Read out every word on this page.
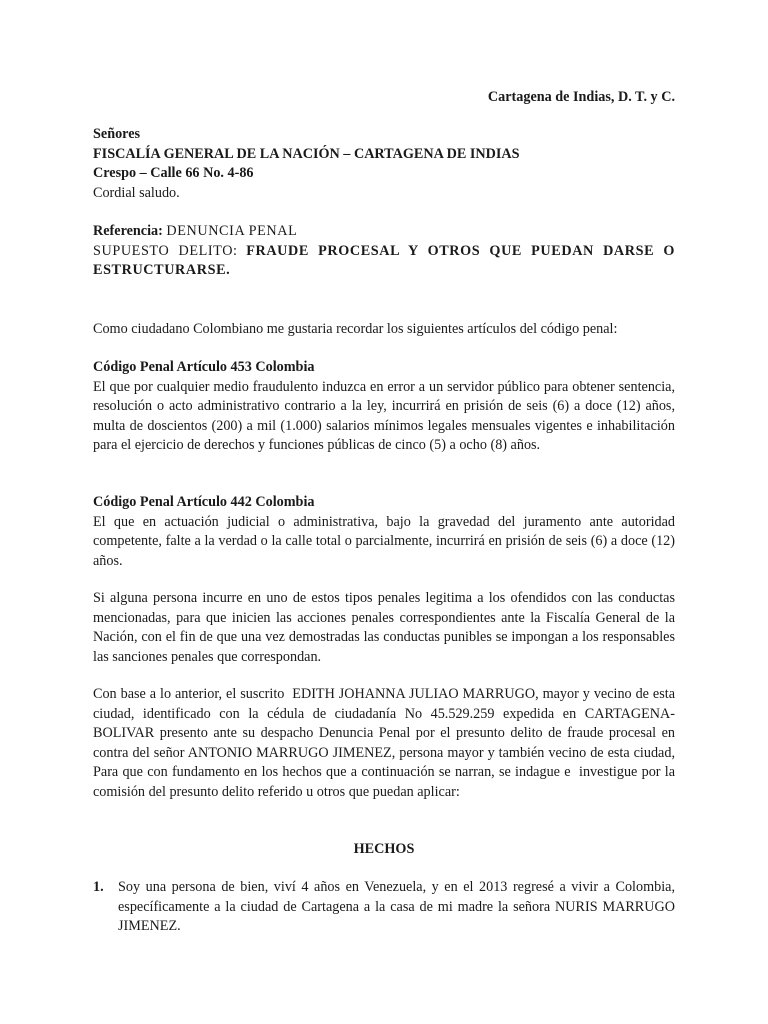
Cartagena de Indias, D. T. y C.
Señores
FISCALÍA GENERAL DE LA NACIÓN – CARTAGENA DE INDIAS
Crespo – Calle 66 No. 4-86
Cordial saludo.
Referencia: DENUNCIA PENAL
SUPUESTO DELITO: FRAUDE PROCESAL Y OTROS QUE PUEDAN DARSE O ESTRUCTURARSE.
Como ciudadano Colombiano me gustaria recordar los siguientes artículos del código penal:
Código Penal Artículo 453 Colombia
El que por cualquier medio fraudulento induzca en error a un servidor público para obtener sentencia, resolución o acto administrativo contrario a la ley, incurrirá en prisión de seis (6) a doce (12) años, multa de doscientos (200) a mil (1.000) salarios mínimos legales mensuales vigentes e inhabilitación para el ejercicio de derechos y funciones públicas de cinco (5) a ocho (8) años.
Código Penal Artículo 442 Colombia
El que en actuación judicial o administrativa, bajo la gravedad del juramento ante autoridad competente, falte a la verdad o la calle total o parcialmente, incurrirá en prisión de seis (6) a doce (12) años.
Si alguna persona incurre en uno de estos tipos penales legitima a los ofendidos con las conductas mencionadas, para que inicien las acciones penales correspondientes ante la Fiscalía General de la Nación, con el fin de que una vez demostradas las conductas punibles se impongan a los responsables las sanciones penales que correspondan.
Con base a lo anterior, el suscrito  EDITH JOHANNA JULIAO MARRUGO, mayor y vecino de esta ciudad, identificado con la cédula de ciudadanía No 45.529.259 expedida en CARTAGENA- BOLIVAR presento ante su despacho Denuncia Penal por el presunto delito de fraude procesal en contra del señor ANTONIO MARRUGO JIMENEZ, persona mayor y también vecino de esta ciudad,   Para que con fundamento en los hechos que a continuación se narran, se indague e  investigue por la comisión del presunto delito referido u otros que puedan aplicar:
HECHOS
1. Soy una persona de bien, viví 4 años en Venezuela, y en el 2013 regresé a vivir a Colombia, específicamente a la ciudad de Cartagena a la casa de mi madre la señora NURIS MARRUGO JIMENEZ.
